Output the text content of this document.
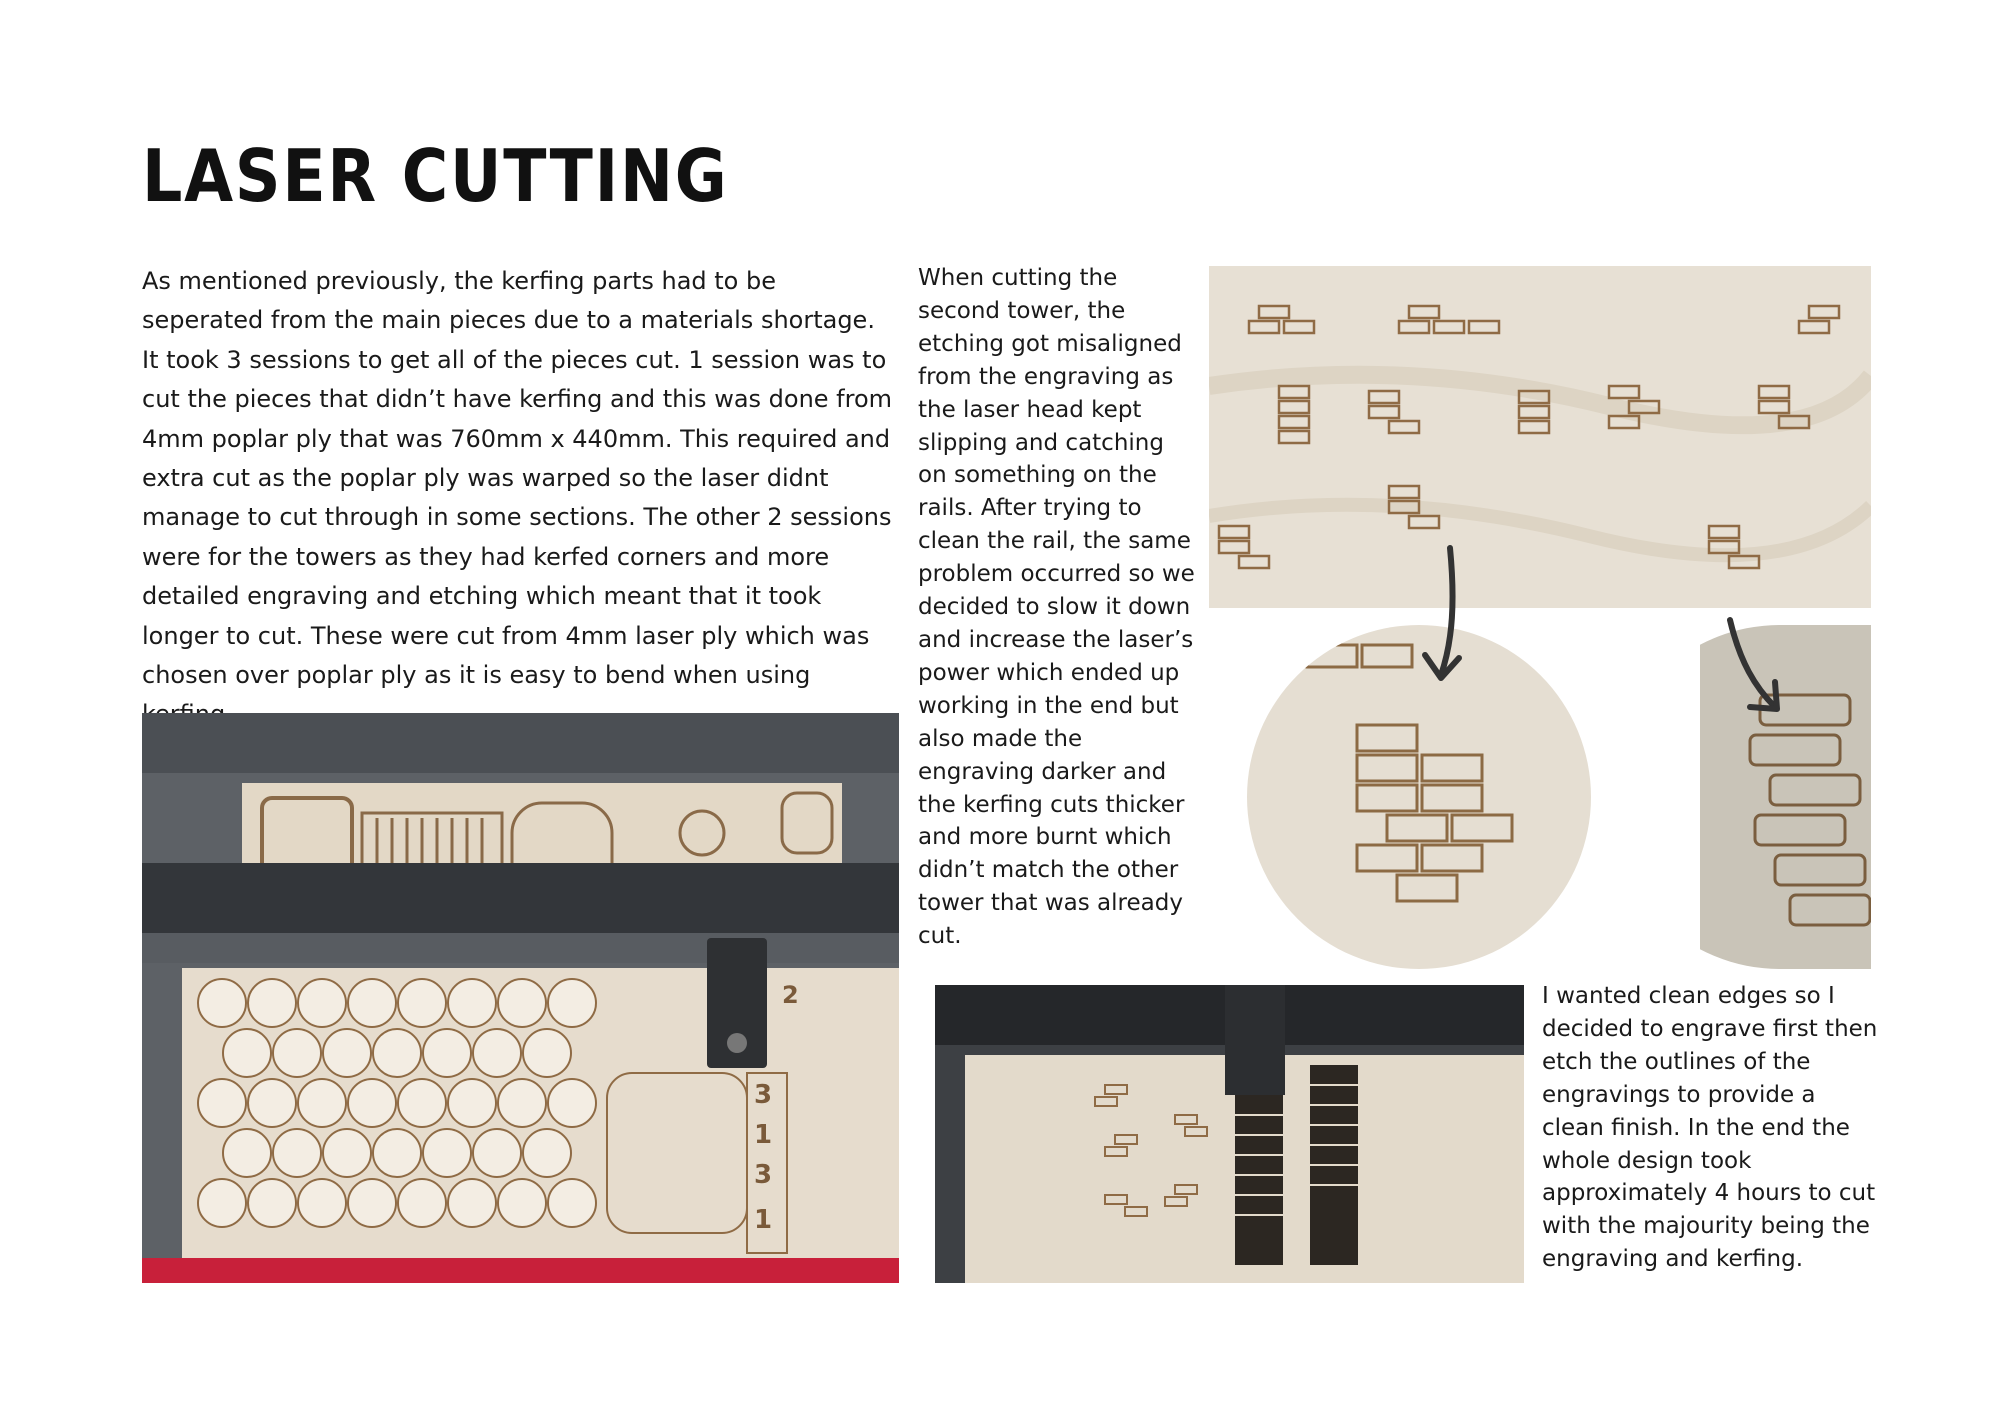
LASER CUTTING

As mentioned previously, the kerfing parts had to be seperated from the main pieces due to a materials shortage. It took 3 sessions to get all of the pieces cut. 1 session was to cut the pieces that didn’t have kerfing and this was done from 4mm poplar ply that was 760mm x 440mm. This required and extra cut as the poplar ply was warped so the laser didnt manage to cut through in some sections. The other 2 sessions were for the towers as they had kerfed corners and more detailed engraving and etching which meant that it took longer to cut. These were cut from 4mm laser ply which was chosen over poplar ply as it is easy to bend when using

When cutting the second tower, the etching got misaligned from the engraving as the laser head kept slipping and catching on something on the rails. After trying to clean the rail, the same problem occurred so we decided to slow it down and increase the laser’s power which ended up working in the end but also made the engraving darker and the kerfing cuts thicker and more burnt which didn’t match the other tower that was already cut.

I wanted clean edges so I decided to engrave first then etch the outlines of the engravings to provide a clean finish. In the end the whole design took approximately 4 hours to cut with the majourity being the engraving and kerfing.

3
1
3
1
2
